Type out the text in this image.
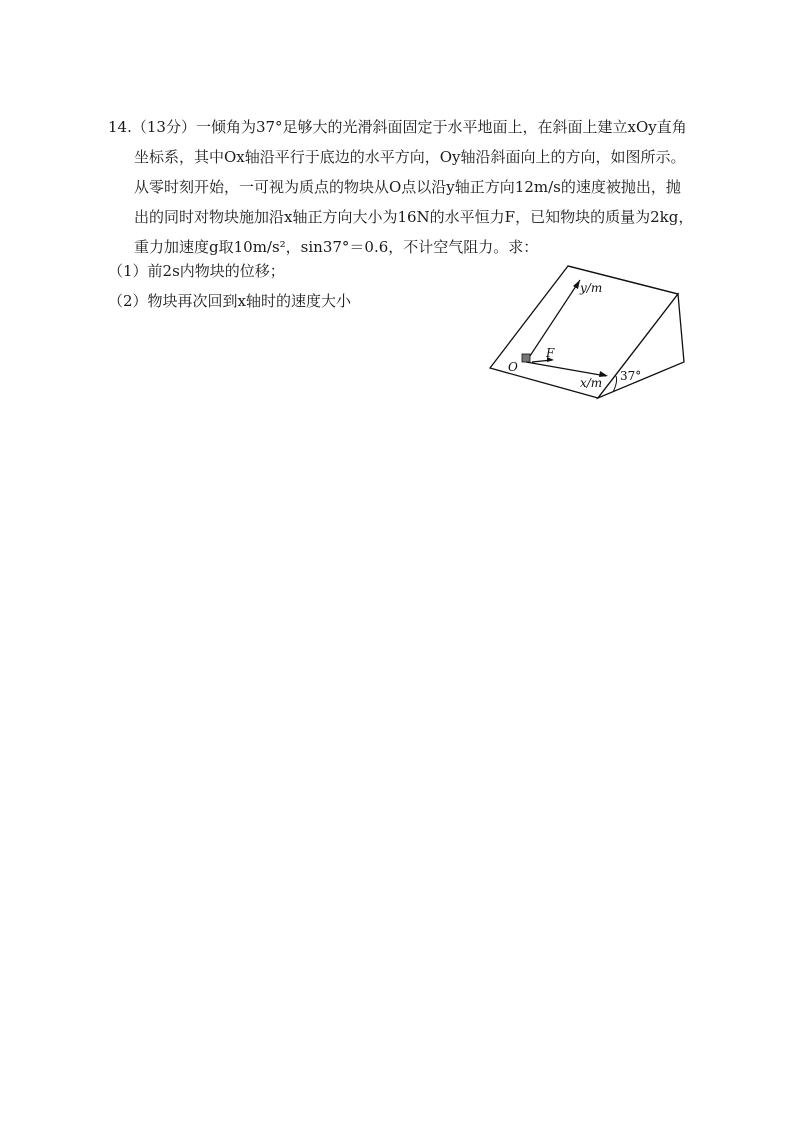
14.（13分）一倾角为37°足够大的光滑斜面固定于水平地面上，在斜面上建立xOy直角
坐标系，其中Ox轴沿平行于底边的水平方向，Oy轴沿斜面向上的方向，如图所示。
从零时刻开始，一可视为质点的物块从O点以沿y轴正方向12m/s的速度被抛出，抛
出的同时对物块施加沿x轴正方向大小为16N的水平恒力F，已知物块的质量为2kg，
重力加速度g取10m/s²，sin37°＝0.6，不计空气阻力。求：
（1）前2s内物块的位移；
（2）物块再次回到x轴时的速度大小
y/m
x/m
F
O
37°
